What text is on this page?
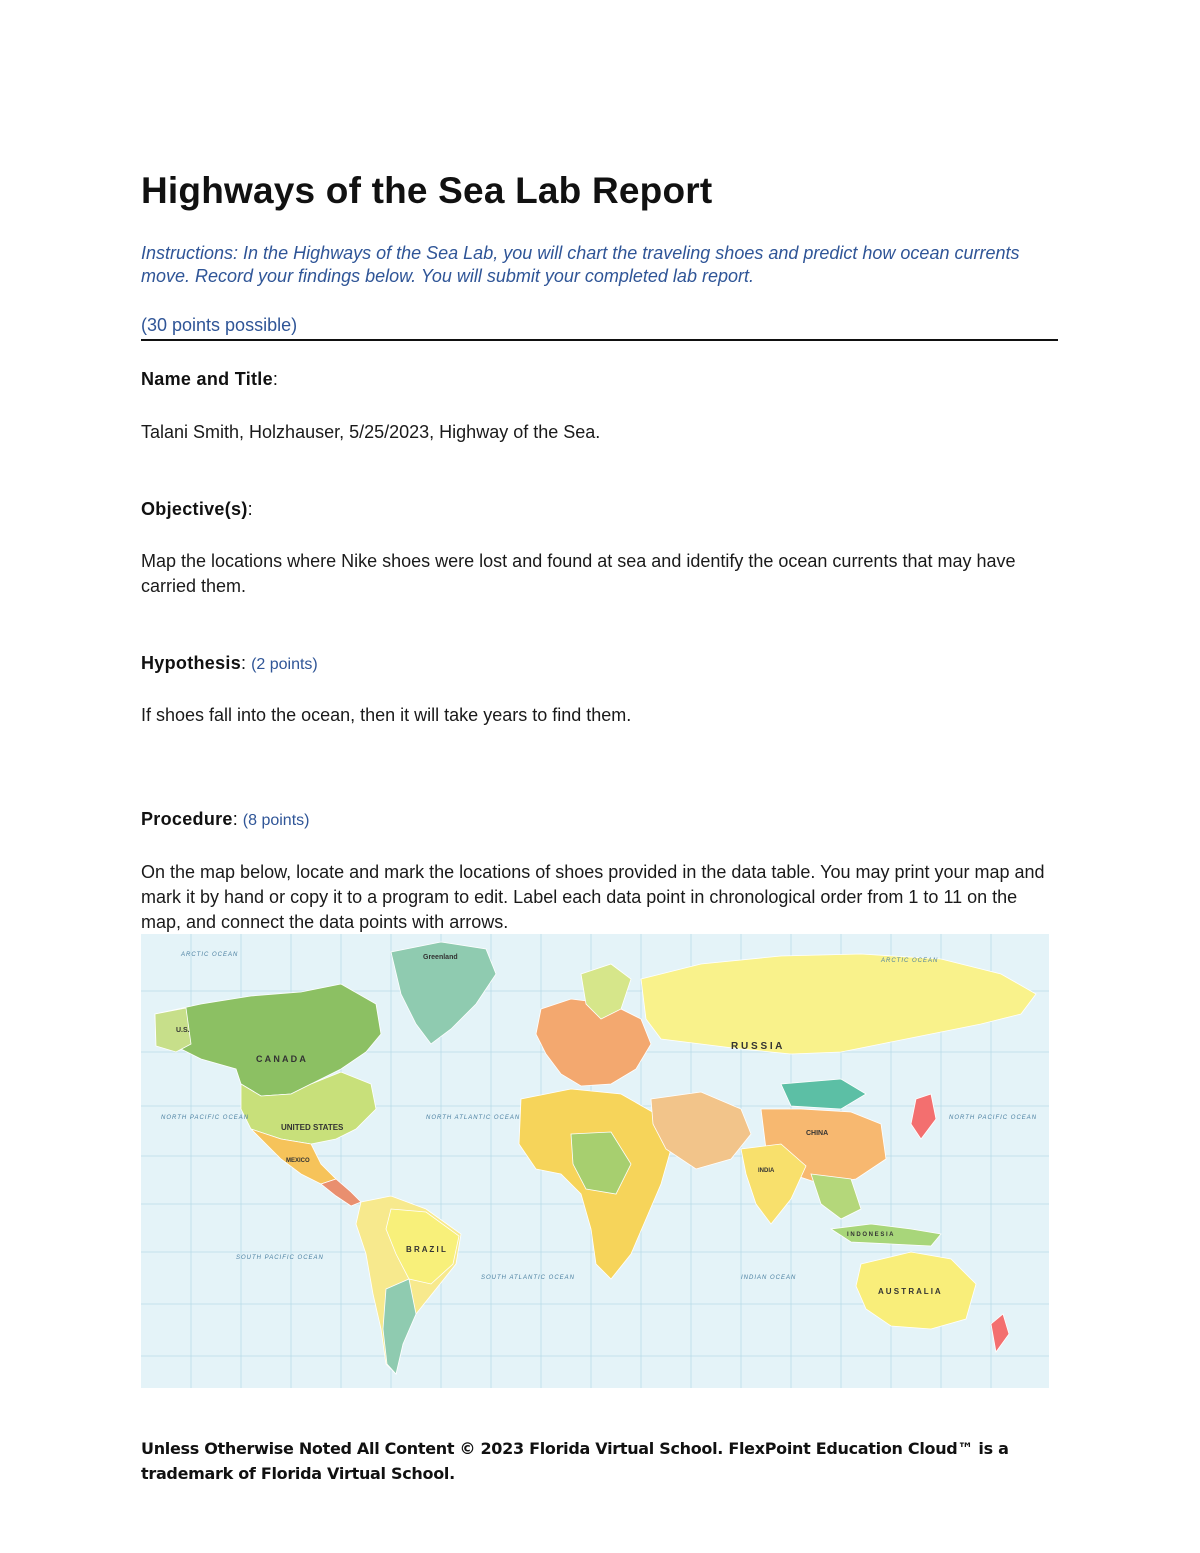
Highways of the Sea Lab Report

Instructions: In the Highways of the Sea Lab, you will chart the traveling shoes and predict how ocean currents move. Record your findings below. You will submit your completed lab report.

(30 points possible)
Name and Title:

Talani Smith, Holzhauser, 5/25/2023, Highway of the Sea.

Objective(s):

Map the locations where Nike shoes were lost and found at sea and identify the ocean currents that may have carried them.

Hypothesis: (2 points)

If shoes fall into the ocean, then it will take years to find them.

Procedure: (8 points)

On the map below, locate and mark the locations of shoes provided in the data table. You may print your map and mark it by hand or copy it to a program to edit. Label each data point in chronological order from 1 to 11 on the map, and connect the data points with arrows.

U.S.
C A N A D A
UNITED STATES
MEXICO
Greenland
B R A Z I L
R U S S I A
CHINA
INDIA
I N D O N E S I A
A U S T R A L I A
ARCTIC OCEAN
ARCTIC OCEAN
NORTH PACIFIC OCEAN	NORTH ATLANTIC OCEAN
SOUTH PACIFIC OCEAN
SOUTH ATLANTIC OCEAN	INDIAN OCEAN
NORTH PACIFIC OCEAN

Unless Otherwise Noted All Content © 2023 Florida Virtual School. FlexPoint Education Cloud™ is a trademark of Florida Virtual School.
